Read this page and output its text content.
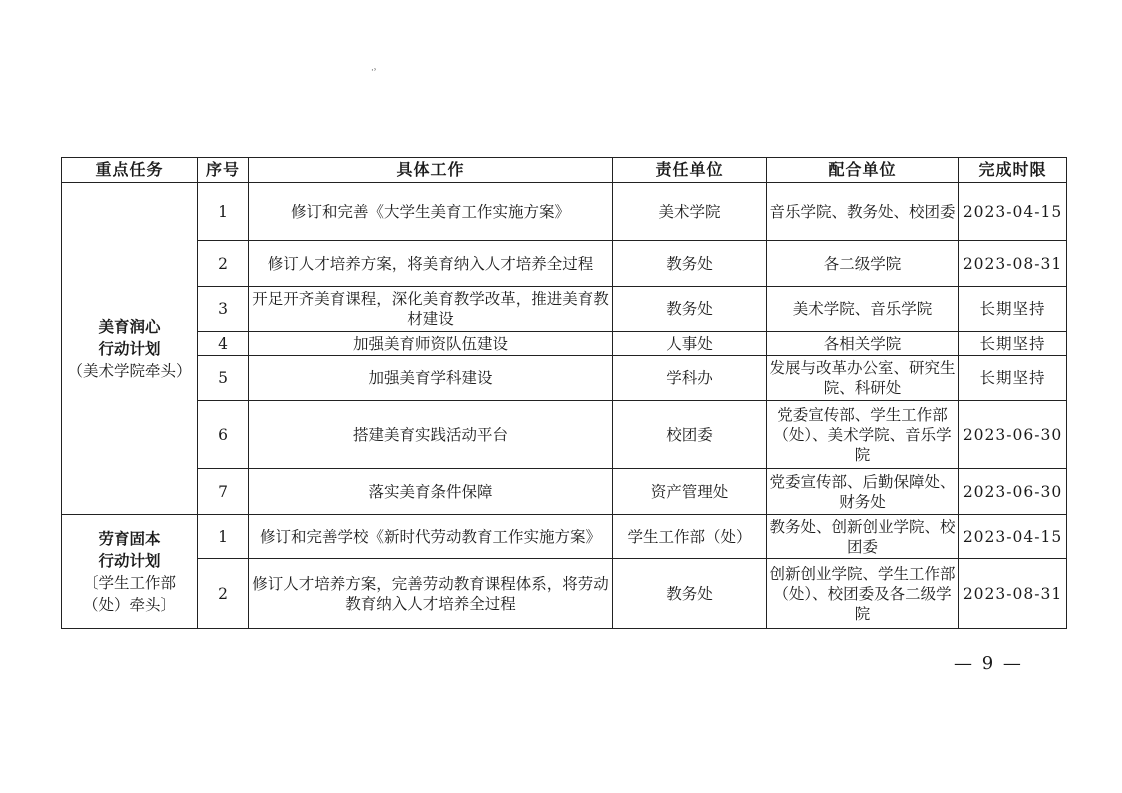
·˒
重点任务	序号	具体工作	责任单位	配合单位	完成时限

美育润心
行动计划
（美术学院牵头）	1	修订和完善《大学生美育工作实施方案》	美术学院	音乐学院、教务处、校团委	2023-04-15
	2	修订人才培养方案，将美育纳入人才培养全过程	教务处	各二级学院	2023-08-31
	3	开足开齐美育课程，深化美育教学改革，推进美育教材建设	教务处	美术学院、音乐学院	长期坚持
	4	加强美育师资队伍建设	人事处	各相关学院	长期坚持
	5	加强美育学科建设	学科办	发展与改革办公室、研究生院、科研处	长期坚持
	6	搭建美育实践活动平台	校团委	党委宣传部、学生工作部（处）、美术学院、音乐学院	2023-06-30
	7	落实美育条件保障	资产管理处	党委宣传部、后勤保障处、财务处	2023-06-30

劳育固本
行动计划
〔学生工作部
（处）牵头〕	1	修订和完善学校《新时代劳动教育工作实施方案》	学生工作部（处）	教务处、创新创业学院、校团委	2023-04-15
	2	修订人才培养方案，完善劳动教育课程体系，将劳动教育纳入人才培养全过程	教务处	创新创业学院、学生工作部（处）、校团委及各二级学院	2023-08-31
— 9 —
